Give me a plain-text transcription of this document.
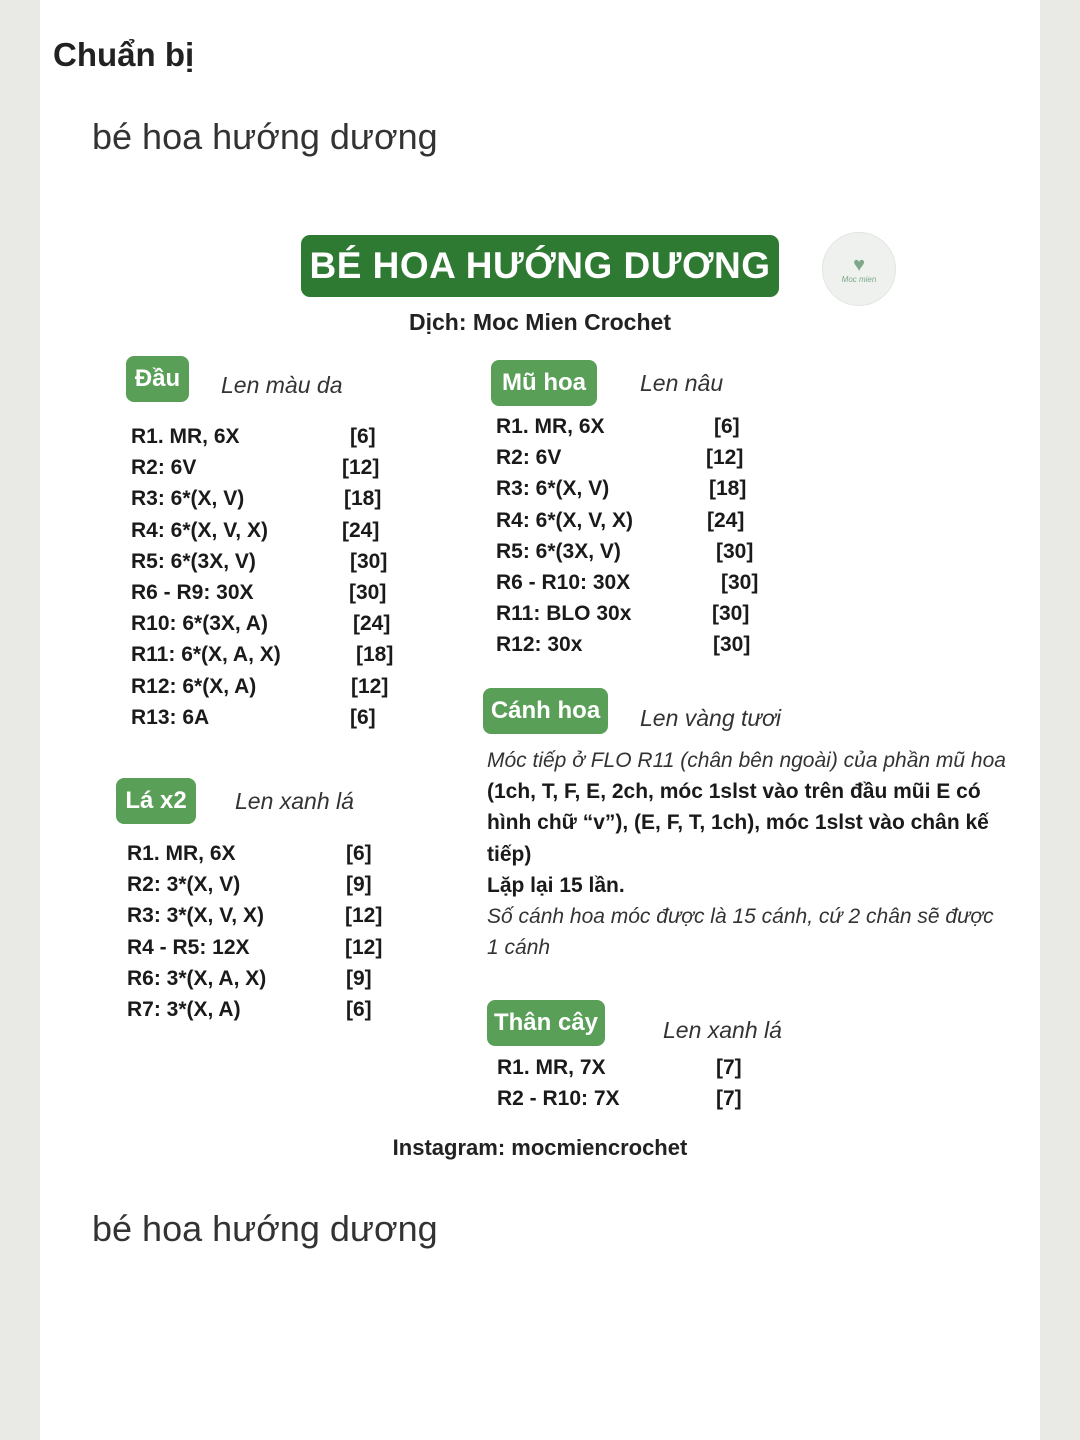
Chuẩn bị
bé hoa hướng dương
BÉ HOA HƯỚNG DƯƠNG	♥
Moc mien
Dịch: Moc Mien Crochet
Đầu	Len màu da
R1. MR, 6X	[6]
R2: 6V	[12]
R3: 6*(X, V)	[18]
R4: 6*(X, V, X)	[24]
R5: 6*(3X, V)	[30]
R6 - R9: 30X	[30]
R10: 6*(3X, A)	[24]
R11: 6*(X, A, X)	[18]
R12: 6*(X, A)	[12]
R13: 6A	[6]
Lá x2	Len xanh lá
R1. MR, 6X	[6]
R2: 3*(X, V)	[9]
R3: 3*(X, V, X)	[12]
R4 - R5: 12X	[12]
R6: 3*(X, A, X)	[9]
R7: 3*(X, A)	[6]
Mũ hoa	Len nâu
R1. MR, 6X	[6]
R2: 6V	[12]
R3: 6*(X, V)	[18]
R4: 6*(X, V, X)	[24]
R5: 6*(3X, V)	[30]
R6 - R10: 30X	[30]
R11: BLO 30x	[30]
R12: 30x	[30]
Cánh hoa	Len vàng tươi
Móc tiếp ở FLO R11 (chân bên ngoài) của phần mũ hoa
(1ch, T, F, E, 2ch, móc 1slst vào trên đầu mũi E có hình chữ “v”), (E, F, T, 1ch), móc 1slst vào chân kế tiếp)
Lặp lại 15 lần.
Số cánh hoa móc được là 15 cánh, cứ 2 chân sẽ được 1 cánh
Thân cây	Len xanh lá
R1. MR, 7X	[7]
R2 - R10: 7X	[7]
Instagram: mocmiencrochet
bé hoa hướng dương
